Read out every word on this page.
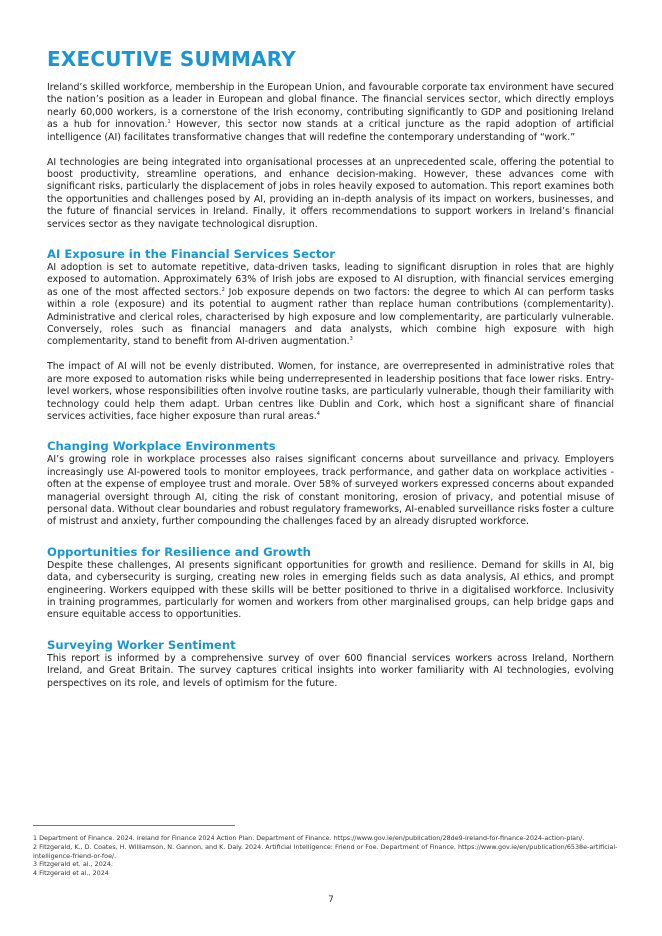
EXECUTIVE SUMMARY

Ireland’s skilled workforce, membership in the European Union, and favourable corporate tax environment have secured the nation’s position as a leader in European and global finance. The financial services sector, which directly employs nearly 60,000 workers, is a cornerstone of the Irish economy, contributing significantly to GDP and positioning Ireland as a hub for innovation.$^1$ However, this sector now stands at a critical juncture as the rapid adoption of artificial intelligence (AI) facilitates transformative changes that will redefine the contemporary understanding of “work.”

AI technologies are being integrated into organisational processes at an unprecedented scale, offering the potential to boost productivity, streamline operations, and enhance decision-making. However, these advances come with significant risks, particularly the displacement of jobs in roles heavily exposed to automation. This report examines both the opportunities and challenges posed by AI, providing an in-depth analysis of its impact on workers, businesses, and the future of financial services in Ireland. Finally, it offers recommendations to support workers in Ireland’s financial services sector as they navigate technological disruption.

AI Exposure in the Financial Services Sector

AI adoption is set to automate repetitive, data-driven tasks, leading to significant disruption in roles that are highly exposed to automation. Approximately 63% of Irish jobs are exposed to AI disruption, with financial services emerging as one of the most affected sectors.$^2$ Job exposure depends on two factors: the degree to which AI can perform tasks within a role (exposure) and its potential to augment rather than replace human contributions (complementarity). Administrative and clerical roles, characterised by high exposure and low complementarity, are particularly vulnerable. Conversely, roles such as financial managers and data analysts, which combine high exposure with high complementarity, stand to benefit from AI-driven augmentation.$^3$

The impact of AI will not be evenly distributed. Women, for instance, are overrepresented in administrative roles that are more exposed to automation risks while being underrepresented in leadership positions that face lower risks. Entry-level workers, whose responsibilities often involve routine tasks, are particularly vulnerable, though their familiarity with technology could help them adapt. Urban centres like Dublin and Cork, which host a significant share of financial services activities, face higher exposure than rural areas.$^4$

Changing Workplace Environments

AI’s growing role in workplace processes also raises significant concerns about surveillance and privacy. Employers increasingly use AI-powered tools to monitor employees, track performance, and gather data on workplace activities - often at the expense of employee trust and morale. Over 58% of surveyed workers expressed concerns about expanded managerial oversight through AI, citing the risk of constant monitoring, erosion of privacy, and potential misuse of personal data. Without clear boundaries and robust regulatory frameworks, AI-enabled surveillance risks foster a culture of mistrust and anxiety, further compounding the challenges faced by an already disrupted workforce.

Opportunities for Resilience and Growth

Despite these challenges, AI presents significant opportunities for growth and resilience. Demand for skills in AI, big data, and cybersecurity is surging, creating new roles in emerging fields such as data analysis, AI ethics, and prompt engineering. Workers equipped with these skills will be better positioned to thrive in a digitalised workforce. Inclusivity in training programmes, particularly for women and workers from other marginalised groups, can help bridge gaps and ensure equitable access to opportunities.

Surveying Worker Sentiment

This report is informed by a comprehensive survey of over 600 financial services workers across Ireland, Northern Ireland, and Great Britain. The survey captures critical insights into worker familiarity with AI technologies, evolving perspectives on its role, and levels of optimism for the future.

1 Department of Finance. 2024. Ireland for Finance 2024 Action Plan. Department of Finance. https://www.gov.ie/en/publication/28de9-ireland-for-finance-2024-action-plan/.

2 Fitzgerald, K., D. Coates, H. Williamson, N. Gannon, and K. Daly. 2024. Artificial Intelligence: Friend or Foe. Department of Finance. https://www.gov.ie/en/publication/6538e-artificial-intelligence-friend-or-foe/.

3 Fitzgerald et. al., 2024.

4 Fitzgerald et al., 2024

7
